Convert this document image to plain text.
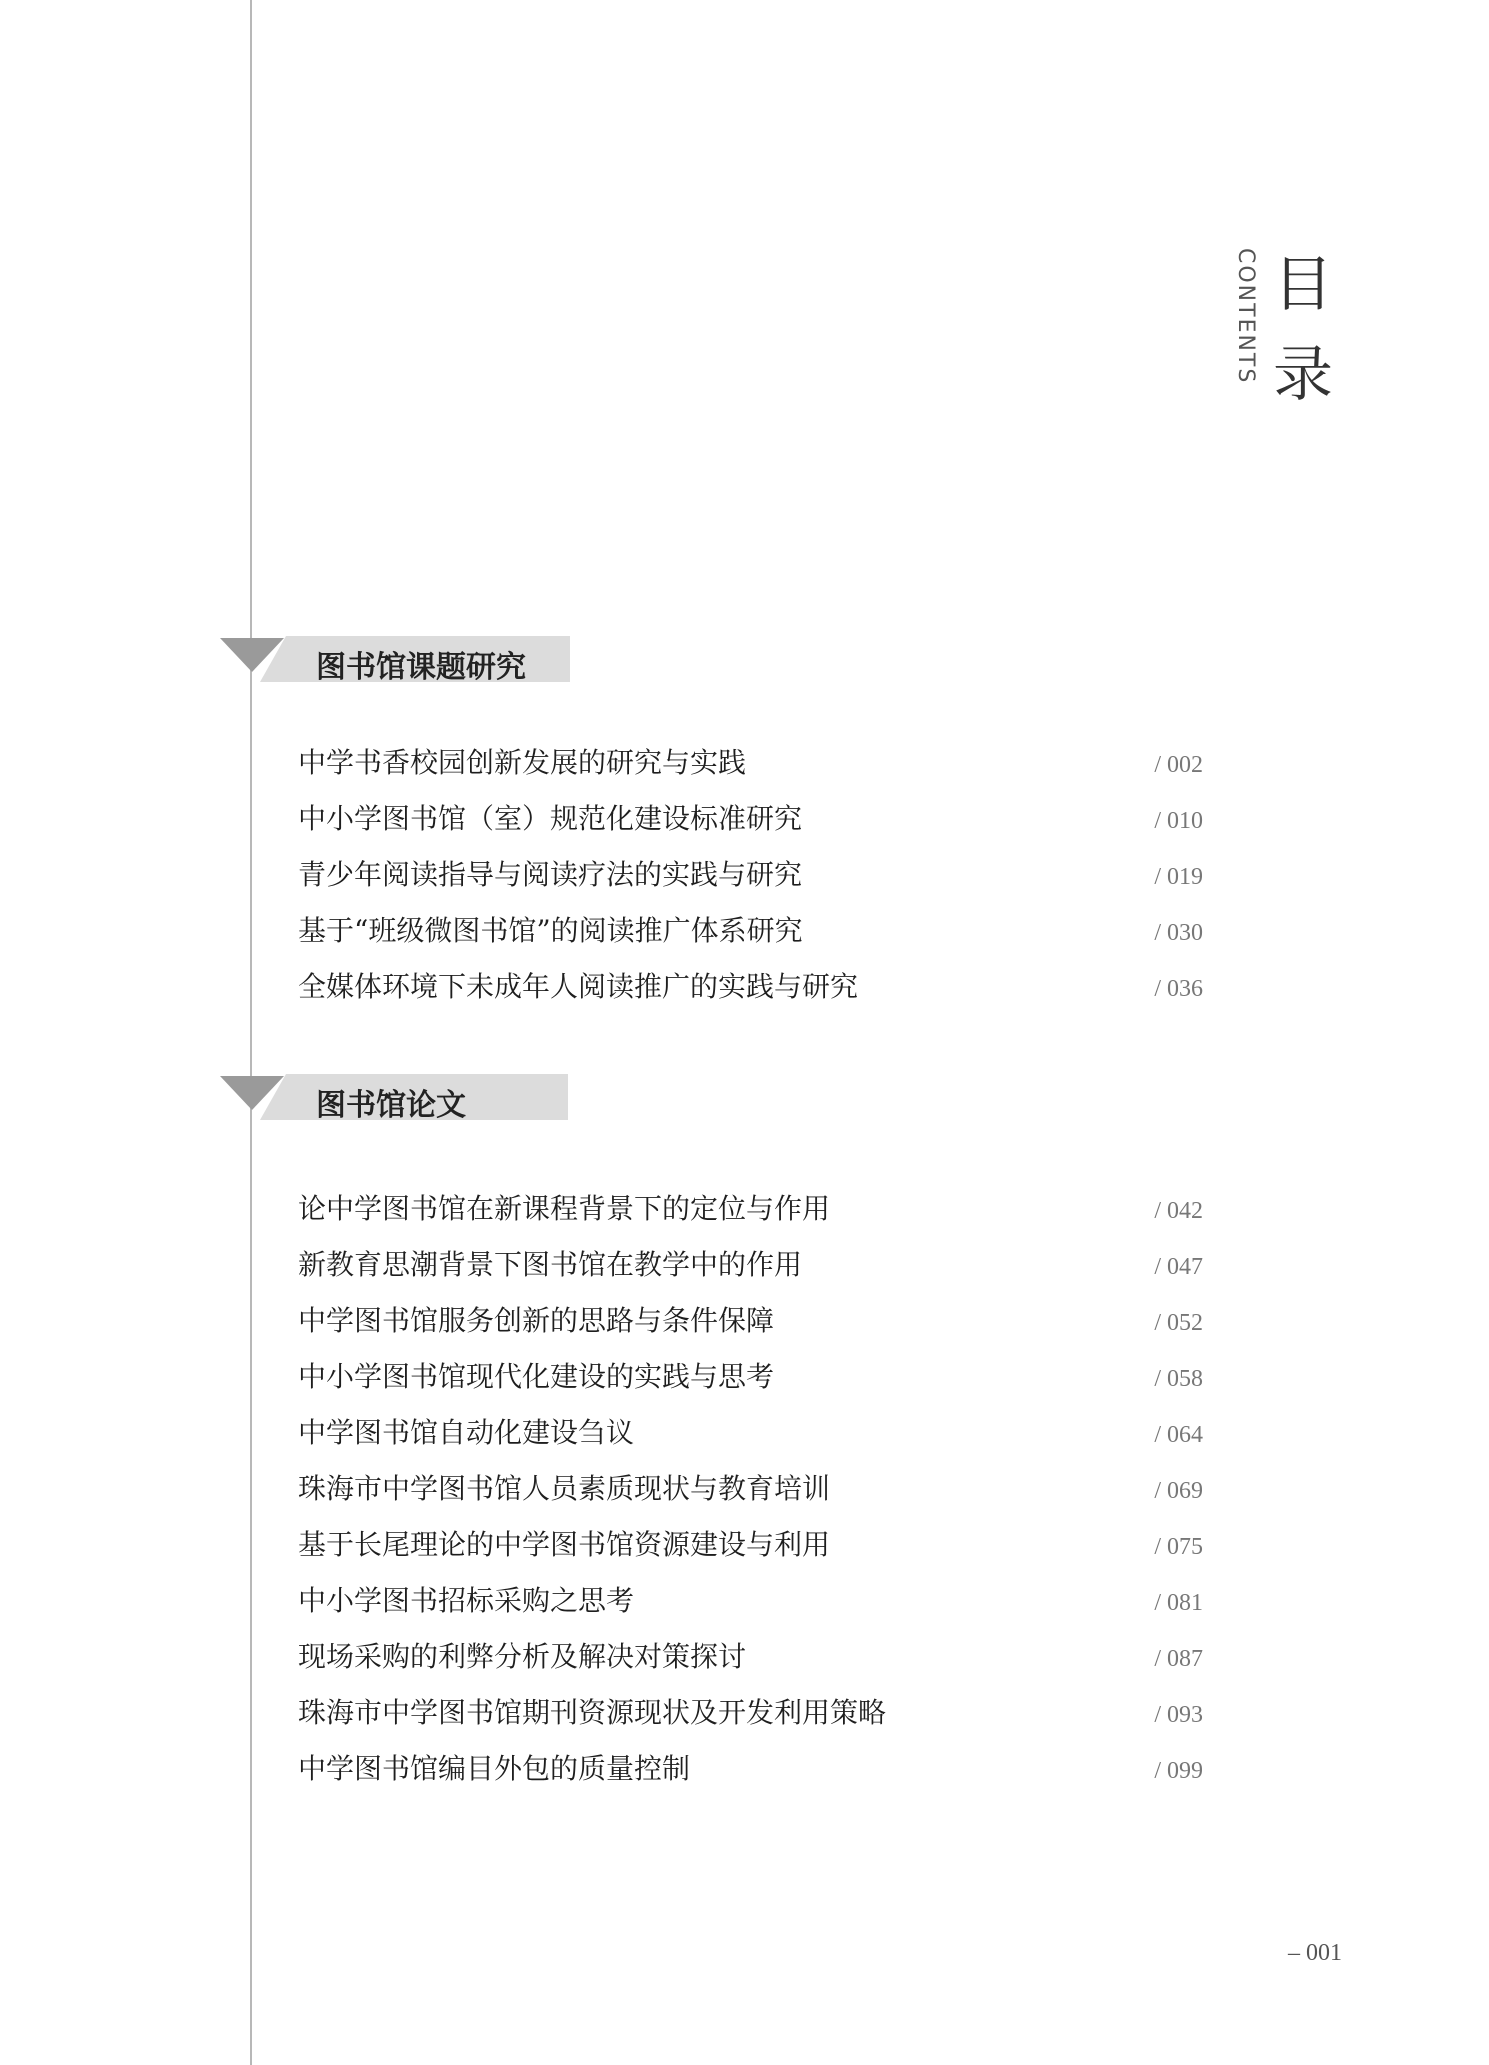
CONTENTS 目 录
图书馆课题研究
中学书香校园创新发展的研究与实践	/ 002
中小学图书馆（室）规范化建设标准研究	/ 010
青少年阅读指导与阅读疗法的实践与研究	/ 019
基于“班级微图书馆”的阅读推广体系研究	/ 030
全媒体环境下未成年人阅读推广的实践与研究	/ 036
图书馆论文
论中学图书馆在新课程背景下的定位与作用	/ 042
新教育思潮背景下图书馆在教学中的作用	/ 047
中学图书馆服务创新的思路与条件保障	/ 052
中小学图书馆现代化建设的实践与思考	/ 058
中学图书馆自动化建设刍议	/ 064
珠海市中学图书馆人员素质现状与教育培训	/ 069
基于长尾理论的中学图书馆资源建设与利用	/ 075
中小学图书招标采购之思考	/ 081
现场采购的利弊分析及解决对策探讨	/ 087
珠海市中学图书馆期刊资源现状及开发利用策略	/ 093
中学图书馆编目外包的质量控制	/ 099
– 001
